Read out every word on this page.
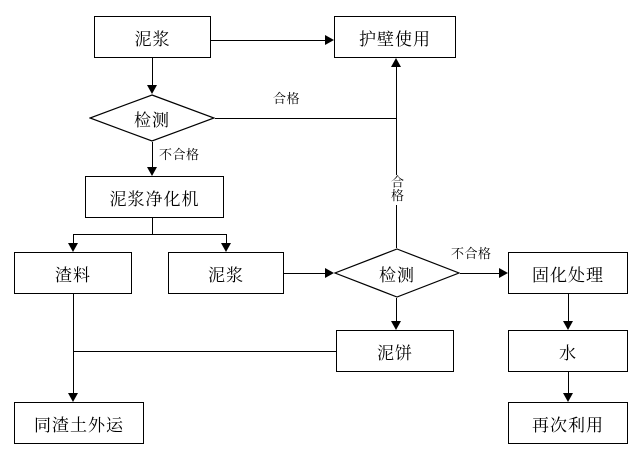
泥浆	护壁使用
泥浆净化机
渣料	泥浆	固化处理
泥饼	水
同渣土外运	再次利用
检测
检测
合格
不合格
合格
不合格
